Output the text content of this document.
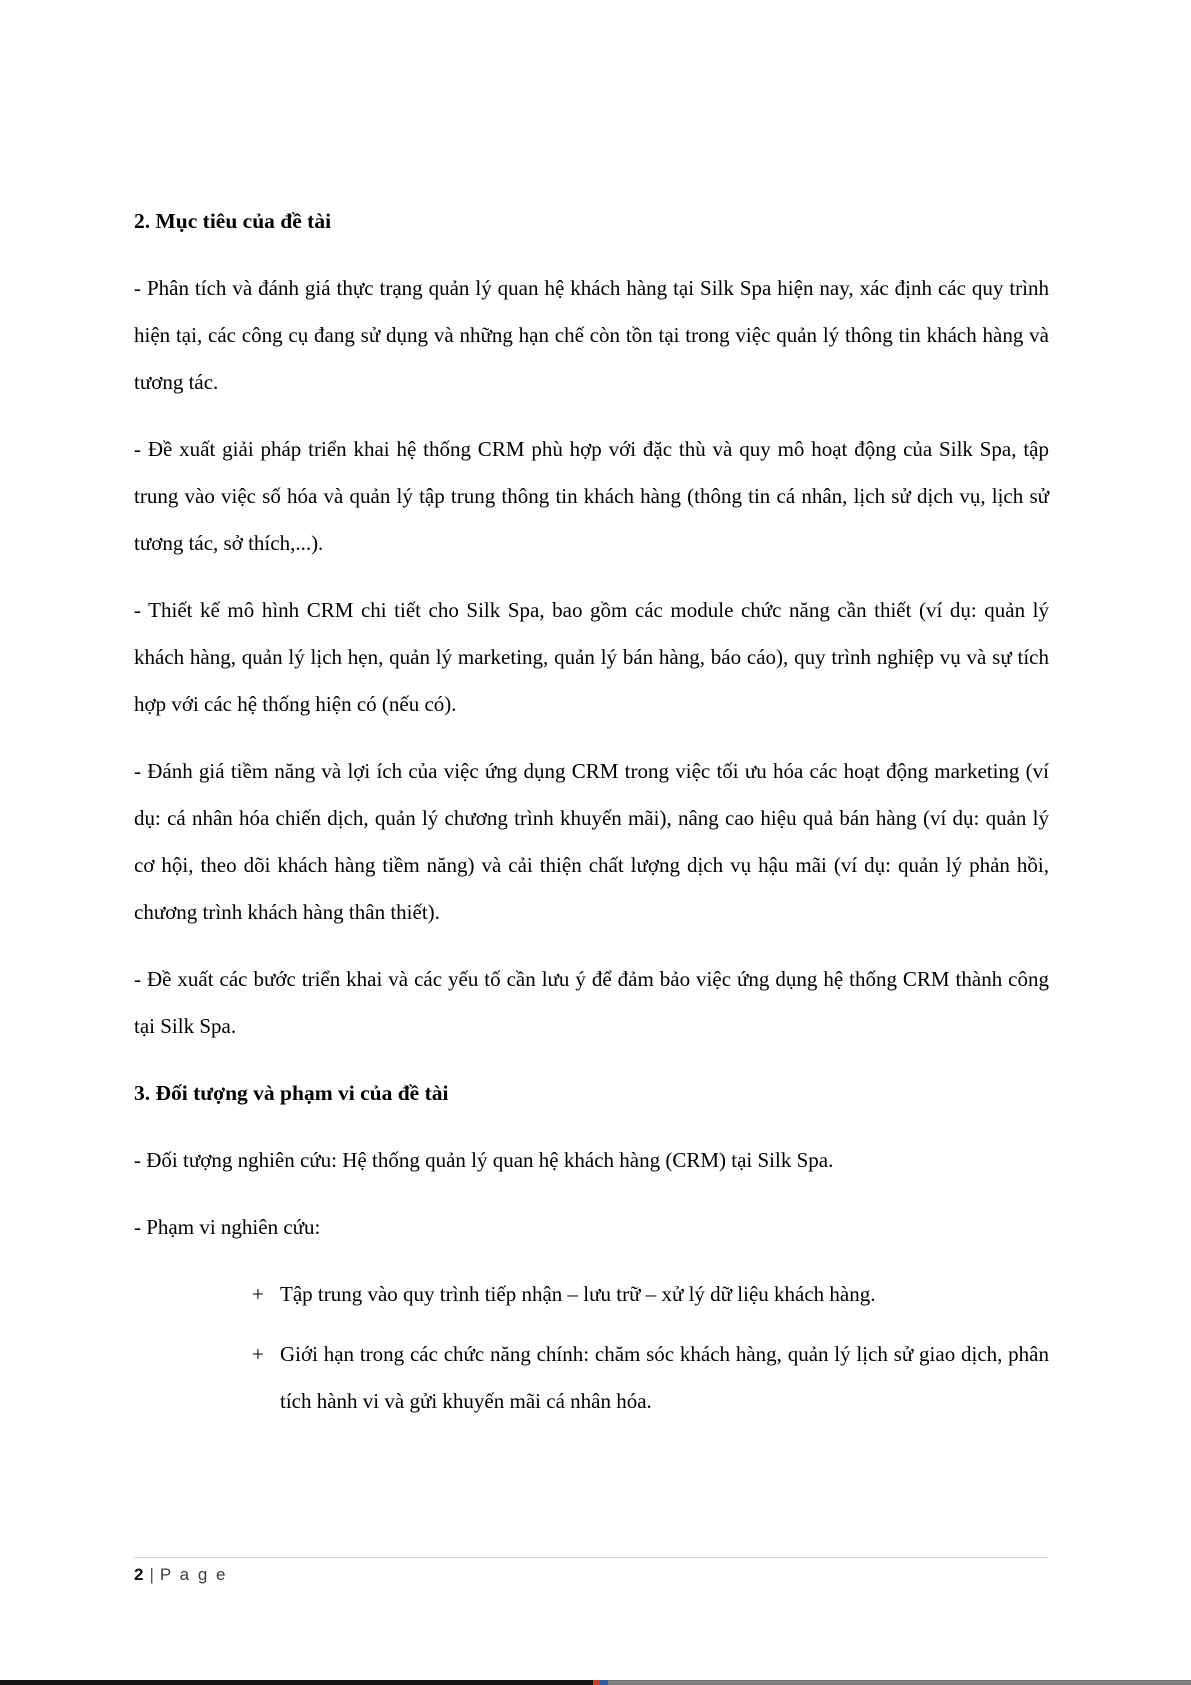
2. Mục tiêu của đề tài
- Phân tích và đánh giá thực trạng quản lý quan hệ khách hàng tại Silk Spa hiện nay, xác định các quy trình hiện tại, các công cụ đang sử dụng và những hạn chế còn tồn tại trong việc quản lý thông tin khách hàng và tương tác.
- Đề xuất giải pháp triển khai hệ thống CRM phù hợp với đặc thù và quy mô hoạt động của Silk Spa, tập trung vào việc số hóa và quản lý tập trung thông tin khách hàng (thông tin cá nhân, lịch sử dịch vụ, lịch sử tương tác, sở thích,...).
- Thiết kế mô hình CRM chi tiết cho Silk Spa, bao gồm các module chức năng cần thiết (ví dụ: quản lý khách hàng, quản lý lịch hẹn, quản lý marketing, quản lý bán hàng, báo cáo), quy trình nghiệp vụ và sự tích hợp với các hệ thống hiện có (nếu có).
- Đánh giá tiềm năng và lợi ích của việc ứng dụng CRM trong việc tối ưu hóa các hoạt động marketing (ví dụ: cá nhân hóa chiến dịch, quản lý chương trình khuyến mãi), nâng cao hiệu quả bán hàng (ví dụ: quản lý cơ hội, theo dõi khách hàng tiềm năng) và cải thiện chất lượng dịch vụ hậu mãi (ví dụ: quản lý phản hồi, chương trình khách hàng thân thiết).
- Đề xuất các bước triển khai và các yếu tố cần lưu ý để đảm bảo việc ứng dụng hệ thống CRM thành công tại Silk Spa.
3. Đối tượng và phạm vi của đề tài
- Đối tượng nghiên cứu: Hệ thống quản lý quan hệ khách hàng (CRM) tại Silk Spa.
- Phạm vi nghiên cứu:
+ Tập trung vào quy trình tiếp nhận – lưu trữ – xử lý dữ liệu khách hàng.
+ Giới hạn trong các chức năng chính: chăm sóc khách hàng, quản lý lịch sử giao dịch, phân tích hành vi và gửi khuyến mãi cá nhân hóa.
2 | P a g e
